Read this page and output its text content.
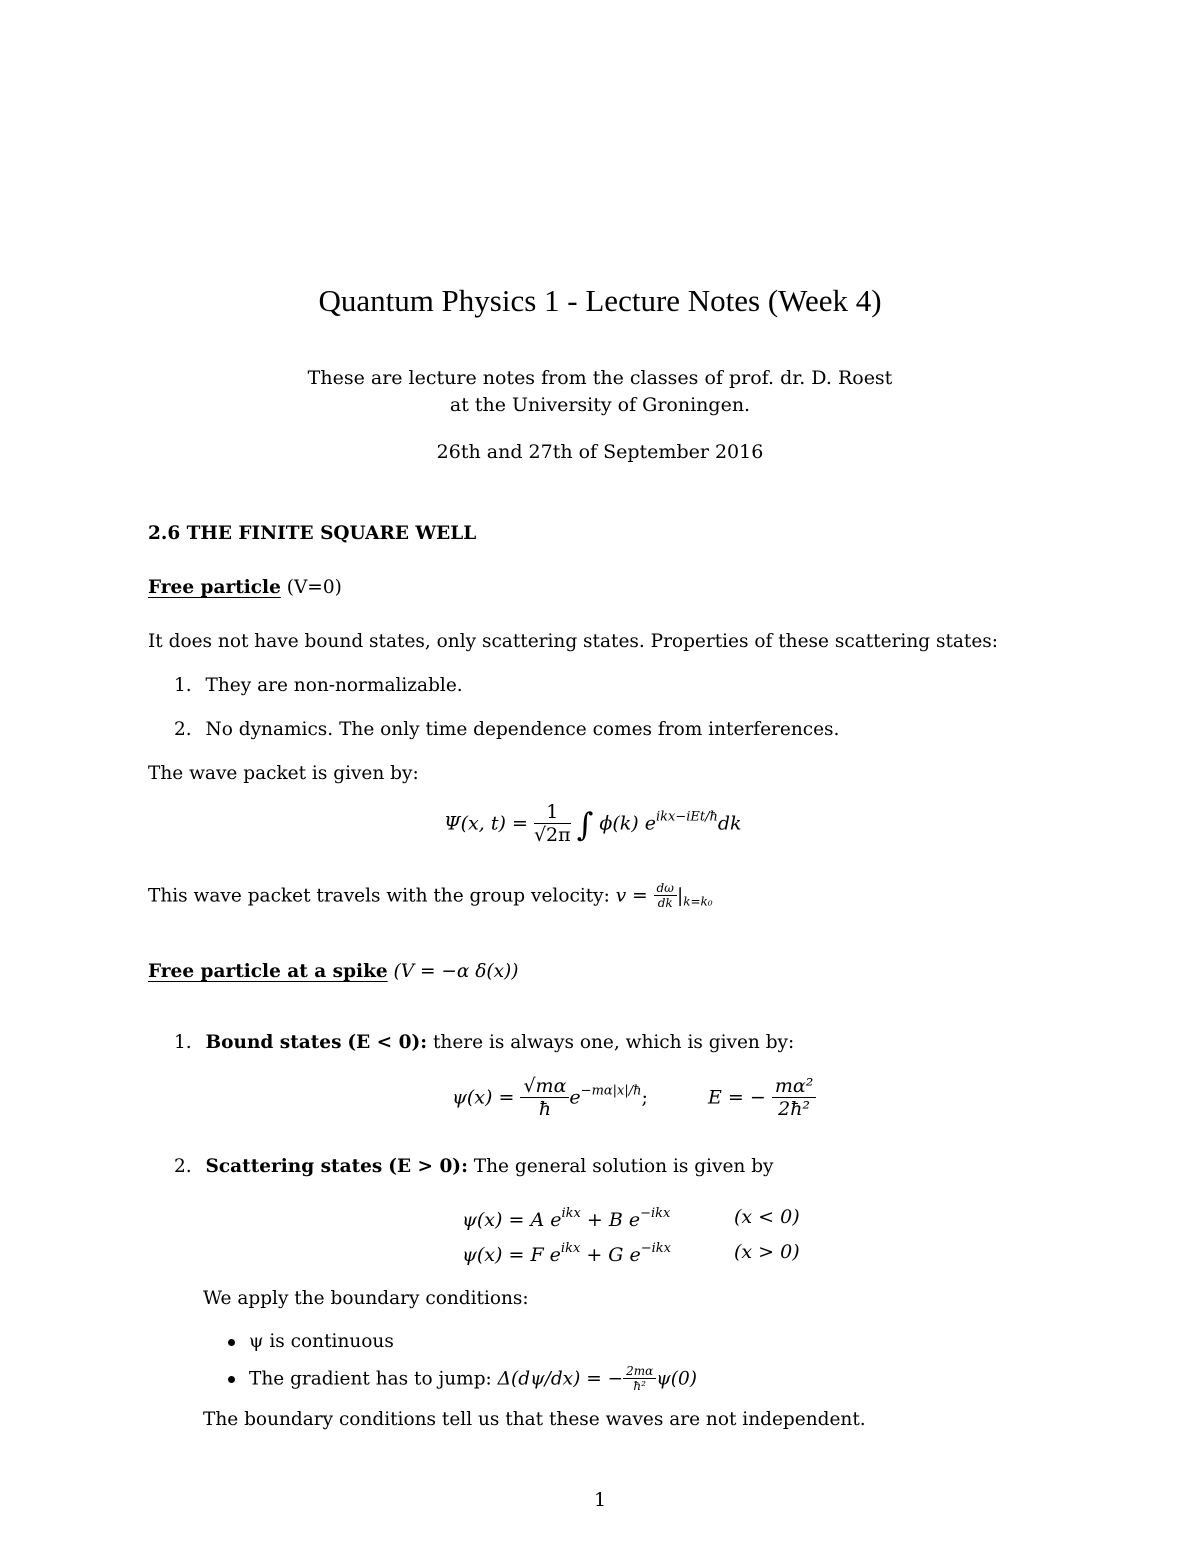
Quantum Physics 1 - Lecture Notes (Week 4)
These are lecture notes from the classes of prof. dr. D. Roest
at the University of Groningen.
26th and 27th of September 2016
2.6 THE FINITE SQUARE WELL
Free particle (V=0)
It does not have bound states, only scattering states. Properties of these scattering states:
1. They are non-normalizable.
2. No dynamics. The only time dependence comes from interferences.
The wave packet is given by:
Ψ(x, $t) = \frac{1}{√2\pi}$ ∫ ϕ(k) $e^{ikx-iEt/ħ}dk$
This wave packet travels with the group velocity: $v = \frac{d\omega}{dk} |_{k=k_0}$
Free particle at a spike (V = −α δ(x))
1. Bound states (E < 0): there is always one, which is given by:
$\psi(x) = \frac{√m\alpha}{ħ} e^{-m\alpha|x|/ħ}$;	E = − $\frac{\text{mα²}}{\text{2ħ²}}$
2. Scattering states (E > 0): The general solution is given by
ψ(x) = A $e^{ikx} + B$ $e^{-ikx}$	(x < 0)
ψ(x) = F $e^{ikx} + G$ $e^{-ikx}$	(x > 0)
We apply the boundary conditions:
ψ is continuous
The gradient has to jump: Δ(dψ/dx) = − $\frac{2m\alpha}{\text{ħ²}} \psi(0)$
The boundary conditions tell us that these waves are not independent.
1
